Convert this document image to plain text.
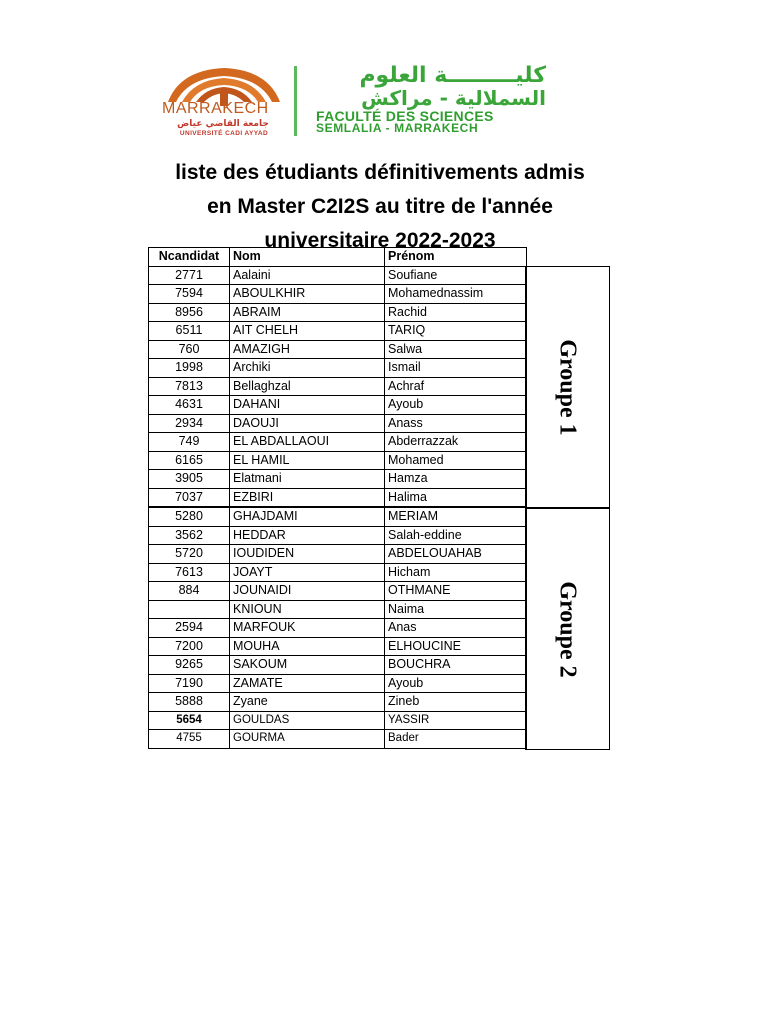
MARRAKECH
جامعة القاضي عياض
UNIVERSITÉ CADI AYYAD
كليـــــــــة العلوم
السملالية - مراكش
FACULTÉ DES SCIENCES
SEMLALIA - MARRAKECH
liste des étudiants définitivements admis
en Master C2I2S au titre de l'année
universitaire 2022-2023
Ncandidat	Nom	Prénom
2771	Aalaini	Soufiane
7594	ABOULKHIR	Mohamednassim
8956	ABRAIM	Rachid
6511	AIT CHELH	TARIQ
760	AMAZIGH	Salwa
1998	Archiki	Ismail
7813	Bellaghzal	Achraf
4631	DAHANI	Ayoub
2934	DAOUJI	Anass
749	EL ABDALLAOUI	Abderrazzak
6165	EL HAMIL	Mohamed
3905	Elatmani	Hamza
7037	EZBIRI	Halima
5280	GHAJDAMI	MERIAM
3562	HEDDAR	Salah-eddine
5720	IOUDIDEN	ABDELOUAHAB
7613	JOAYT	Hicham
884	JOUNAIDI	OTHMANE
	KNIOUN	Naima
2594	MARFOUK	Anas
7200	MOUHA	ELHOUCINE
9265	SAKOUM	BOUCHRA
7190	ZAMATE	Ayoub
5888	Zyane	Zineb
5654	GOULDAS	YASSIR
4755	GOURMA	Bader
Groupe 1
Groupe 2
